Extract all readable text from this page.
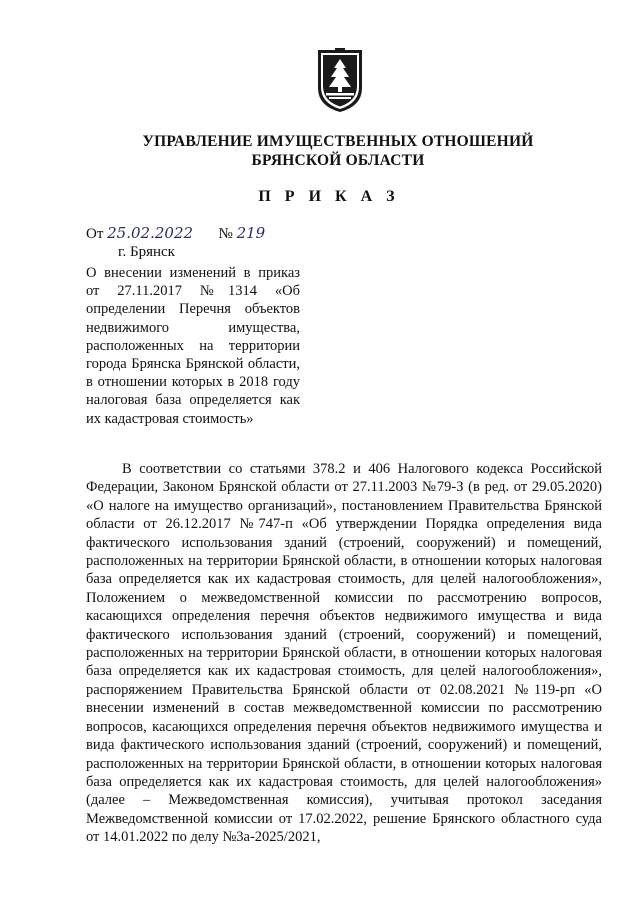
УПРАВЛЕНИЕ ИМУЩЕСТВЕННЫХ ОТНОШЕНИЙ
БРЯНСКОЙ ОБЛАСТИ
П Р И К А З
От 25.02.2022 № 219
г. Брянск
О внесении изменений в приказ от 27.11.2017 №1314 «Об определении Перечня объектов недвижимого имущества, расположенных на территории города Брянска Брянской области, в отношении которых в 2018 году налоговая база определяется как их кадастровая стоимость»
В соответствии со статьями 378.2 и 406 Налогового кодекса Российской Федерации, Законом Брянской области от 27.11.2003 №79-З (в ред. от 29.05.2020) «О налоге на имущество организаций», постановлением Правительства Брянской области от 26.12.2017 №747-п «Об утверждении Порядка определения вида фактического использования зданий (строений, сооружений) и помещений, расположенных на территории Брянской области, в отношении которых налоговая база определяется как их кадастровая стоимость, для целей налогообложения», Положением о межведомственной комиссии по рассмотрению вопросов, касающихся определения перечня объектов недвижимого имущества и вида фактического использования зданий (строений, сооружений) и помещений, расположенных на территории Брянской области, в отношении которых налоговая база определяется как их кадастровая стоимость, для целей налогообложения», распоряжением Правительства Брянской области от 02.08.2021 №119-рп «О внесении изменений в состав межведомственной комиссии по рассмотрению вопросов, касающихся определения перечня объектов недвижимого имущества и вида фактического использования зданий (строений, сооружений) и помещений, расположенных на территории Брянской области, в отношении которых налоговая база определяется как их кадастровая стоимость, для целей налогообложения» (далее – Межведомственная комиссия), учитывая протокол заседания Межведомственной комиссии от 17.02.2022, решение Брянского областного суда от 14.01.2022 по делу №3а-2025/2021,
